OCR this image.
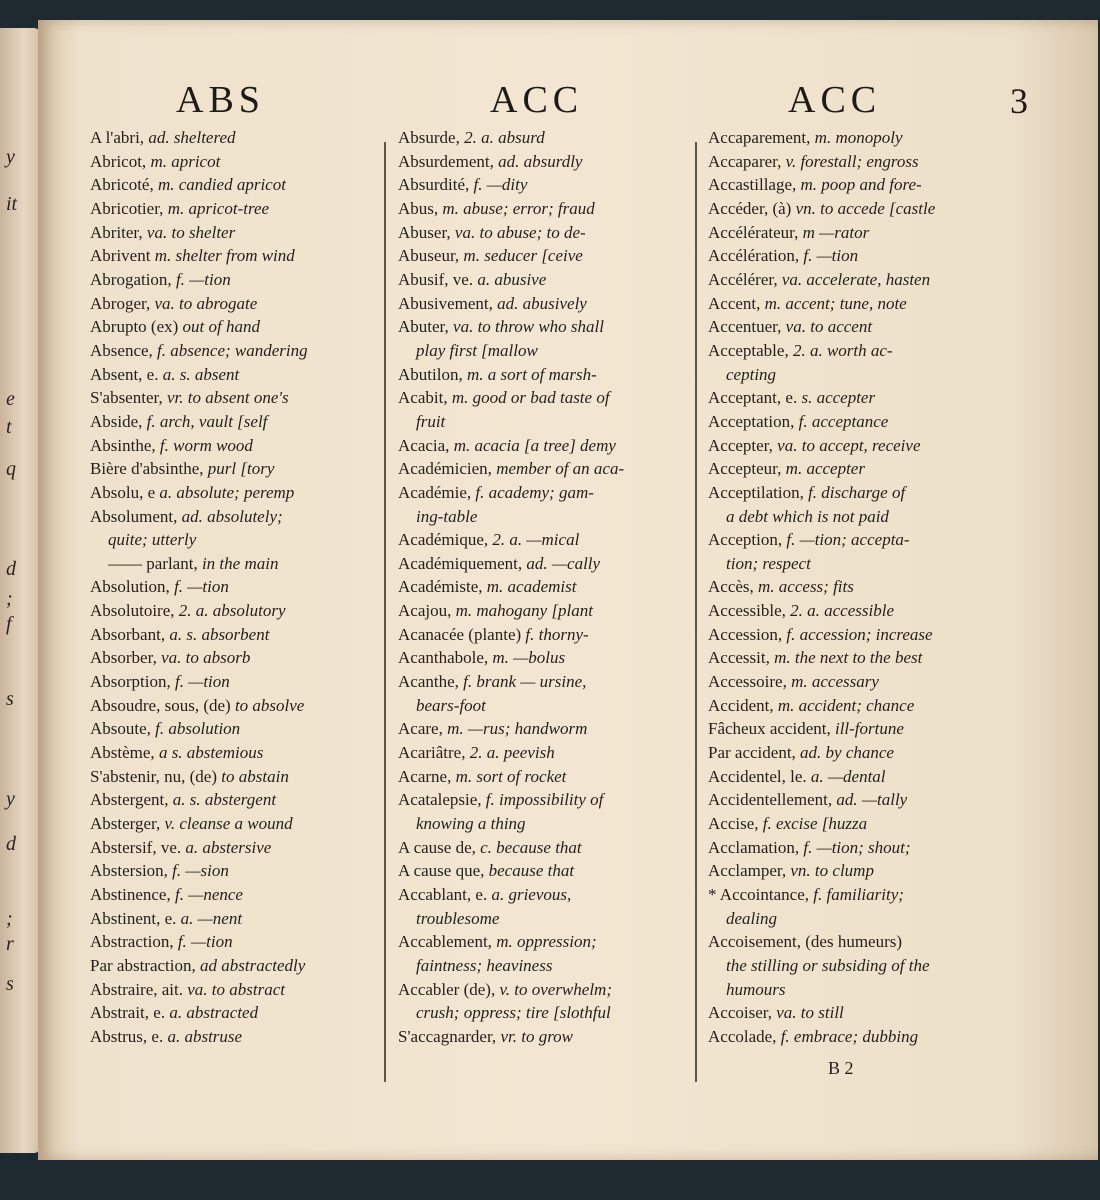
y
it
e
t
q
d
;
f
s
y
d
;
r
s
ABS	ACC	ACC	3
A l'abri, ad. sheltered
Abricot, m. apricot
Abricoté, m. candied apricot
Abricotier, m. apricot-tree
Abriter, va. to shelter
Abrivent m. shelter from wind
Abrogation, f. —tion
Abroger, va. to abrogate
Abrupto (ex) out of hand
Absence, f. absence; wandering
Absent, e. a. s. absent
S'absenter, vr. to absent one's
Abside, f. arch, vault [self
Absinthe, f. worm wood
Bière d'absinthe, purl [tory
Absolu, e a. absolute; peremp
Absolument, ad. absolutely;
quite; utterly
—— parlant, in the main
Absolution, f. —tion
Absolutoire, 2. a. absolutory
Absorbant, a. s. absorbent
Absorber, va. to absorb
Absorption, f. —tion
Absoudre, sous, (de) to absolve
Absoute, f. absolution
Abstème, a s. abstemious
S'abstenir, nu, (de) to abstain
Abstergent, a. s. abstergent
Absterger, v. cleanse a wound
Abstersif, ve. a. abstersive
Abstersion, f. —sion
Abstinence, f. —nence
Abstinent, e. a. —nent
Abstraction, f. —tion
Par abstraction, ad abstractedly
Abstraire, ait. va. to abstract
Abstrait, e. a. abstracted
Abstrus, e. a. abstruse
Absurde, 2. a. absurd
Absurdement, ad. absurdly
Absurdité, f. —dity
Abus, m. abuse; error; fraud
Abuser, va. to abuse; to de-
Abuseur, m. seducer [ceive
Abusif, ve. a. abusive
Abusivement, ad. abusively
Abuter, va. to throw who shall
play first [mallow
Abutilon, m. a sort of marsh-
Acabit, m. good or bad taste of
fruit
Acacia, m. acacia [a tree] demy
Académicien, member of an aca-
Académie, f. academy; gam-
ing-table
Académique, 2. a. —mical
Académiquement, ad. —cally
Académiste, m. academist
Acajou, m. mahogany [plant
Acanacée (plante) f. thorny-
Acanthabole, m. —bolus
Acanthe, f. brank — ursine,
bears-foot
Acare, m. —rus; handworm
Acariâtre, 2. a. peevish
Acarne, m. sort of rocket
Acatalepsie, f. impossibility of
knowing a thing
A cause de, c. because that
A cause que, because that
Accablant, e. a. grievous,
troublesome
Accablement, m. oppression;
faintness; heaviness
Accabler (de), v. to overwhelm;
crush; oppress; tire [slothful
S'accagnarder, vr. to grow
Accaparement, m. monopoly
Accaparer, v. forestall; engross
Accastillage, m. poop and fore-
Accéder, (à) vn. to accede [castle
Accélérateur, m —rator
Accélération, f. —tion
Accélérer, va. accelerate, hasten
Accent, m. accent; tune, note
Accentuer, va. to accent
Acceptable, 2. a. worth ac-
cepting
Acceptant, e. s. accepter
Acceptation, f. acceptance
Accepter, va. to accept, receive
Accepteur, m. accepter
Acceptilation, f. discharge of
a debt which is not paid
Acception, f. —tion; accepta-
tion; respect
Accès, m. access; fits
Accessible, 2. a. accessible
Accession, f. accession; increase
Accessit, m. the next to the best
Accessoire, m. accessary
Accident, m. accident; chance
Fâcheux accident, ill-fortune
Par accident, ad. by chance
Accidentel, le. a. —dental
Accidentellement, ad. —tally
Accise, f. excise [huzza
Acclamation, f. —tion; shout;
Acclamper, vn. to clump
* Accointance, f. familiarity;
dealing
Accoisement, (des humeurs)
the stilling or subsiding of the
humours
Accoiser, va. to still
Accolade, f. embrace; dubbing
B 2
